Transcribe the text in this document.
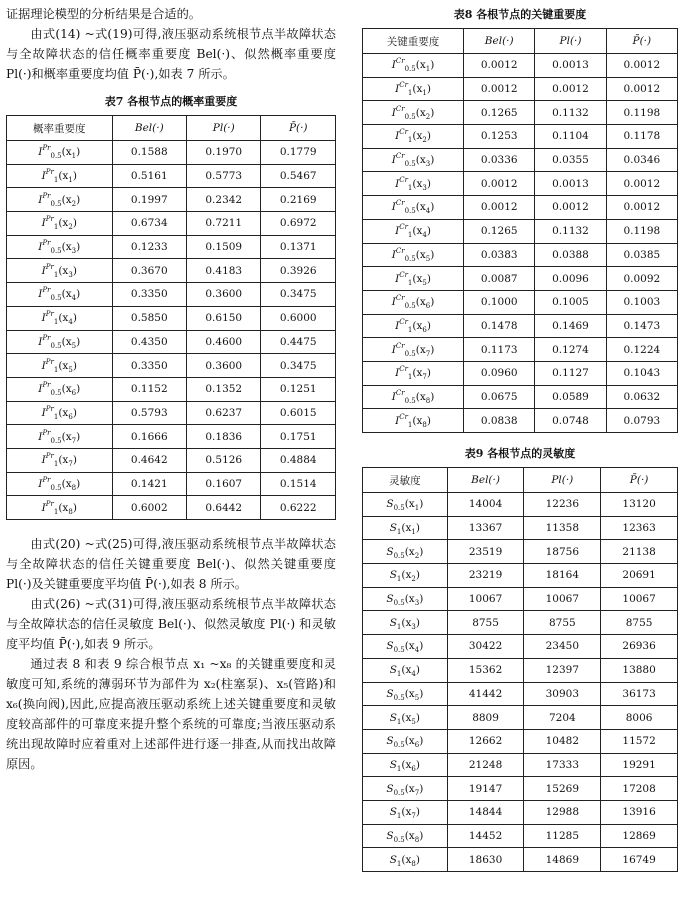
证据理论模型的分析结果是合适的。

由式(14) ~式(19)可得,液压驱动系统根节点半故障状态与全故障状态的信任概率重要度 Bel(·)、似然概率重要度 Pl(·)和概率重要度均值 P̄(·),如表 7 所示。

表7 各根节点的概率重要度

概率重要度	Bel(·)	Pl(·)	P̄(·)
$I^{Pr}_{0.5}(x_1)$	0.1588	0.1970	0.1779
$I^{Pr}_1(x_1)$	0.5161	0.5773	0.5467
$I^{Pr}_{0.5}(x_2)$	0.1997	0.2342	0.2169
$I^{Pr}_1(x_2)$	0.6734	0.7211	0.6972
$I^{Pr}_{0.5}(x_3)$	0.1233	0.1509	0.1371
$I^{Pr}_1(x_3)$	0.3670	0.4183	0.3926
$I^{Pr}_{0.5}(x_4)$	0.3350	0.3600	0.3475
$I^{Pr}_1(x_4)$	0.5850	0.6150	0.6000
$I^{Pr}_{0.5}(x_5)$	0.4350	0.4600	0.4475
$I^{Pr}_1(x_5)$	0.3350	0.3600	0.3475
$I^{Pr}_{0.5}(x_6)$	0.1152	0.1352	0.1251
$I^{Pr}_1(x_6)$	0.5793	0.6237	0.6015
$I^{Pr}_{0.5}(x_7)$	0.1666	0.1836	0.1751
$I^{Pr}_1(x_7)$	0.4642	0.5126	0.4884
$I^{Pr}_{0.5}(x_8)$	0.1421	0.1607	0.1514
$I^{Pr}_1(x_8)$	0.6002	0.6442	0.6222

由式(20) ~式(25)可得,液压驱动系统根节点半故障状态与全故障状态的信任关键重要度 Bel(·)、似然关键重要度 Pl(·)及关键重要度平均值 P̄(·),如表 8 所示。

由式(26) ~式(31)可得,液压驱动系统根节点半故障状态与全故障状态的信任灵敏度 Bel(·)、似然灵敏度 Pl(·) 和灵敏度平均值 P̄(·),如表 9 所示。

通过表 8 和表 9 综合根节点 x₁ ~x₈ 的关键重要度和灵敏度可知,系统的薄弱环节为部件为 x₂(柱塞泵)、x₅(管路)和 x₆(换向阀),因此,应提高液压驱动系统上述关键重要度和灵敏度较高部件的可靠度来提升整个系统的可靠度;当液压驱动系统出现故障时应着重对上述部件进行逐一排查,从而找出故障原因。

表8 各根节点的关键重要度

关键重要度	Bel(·)	Pl(·)	P̄(·)
$I^{Cr}_{0.5}(x_1)$	0.0012	0.0013	0.0012
$I^{Cr}_1(x_1)$	0.0012	0.0012	0.0012
$I^{Cr}_{0.5}(x_2)$	0.1265	0.1132	0.1198
$I^{Cr}_1(x_2)$	0.1253	0.1104	0.1178
$I^{Cr}_{0.5}(x_3)$	0.0336	0.0355	0.0346
$I^{Cr}_1(x_3)$	0.0012	0.0013	0.0012
$I^{Cr}_{0.5}(x_4)$	0.0012	0.0012	0.0012
$I^{Cr}_1(x_4)$	0.1265	0.1132	0.1198
$I^{Cr}_{0.5}(x_5)$	0.0383	0.0388	0.0385
$I^{Cr}_1(x_5)$	0.0087	0.0096	0.0092
$I^{Cr}_{0.5}(x_6)$	0.1000	0.1005	0.1003
$I^{Cr}_1(x_6)$	0.1478	0.1469	0.1473
$I^{Cr}_{0.5}(x_7)$	0.1173	0.1274	0.1224
$I^{Cr}_1(x_7)$	0.0960	0.1127	0.1043
$I^{Cr}_{0.5}(x_8)$	0.0675	0.0589	0.0632
$I^{Cr}_1(x_8)$	0.0838	0.0748	0.0793

表9 各根节点的灵敏度

灵敏度	Bel(·)	Pl(·)	P̄(·)
$S_{0.5}(x_1)$	14004	12236	13120
$S_1(x_1)$	13367	11358	12363
$S_{0.5}(x_2)$	23519	18756	21138
$S_1(x_2)$	23219	18164	20691
$S_{0.5}(x_3)$	10067	10067	10067
$S_1(x_3)$	8755	8755	8755
$S_{0.5}(x_4)$	30422	23450	26936
$S_1(x_4)$	15362	12397	13880
$S_{0.5}(x_5)$	41442	30903	36173
$S_1(x_5)$	8809	7204	8006
$S_{0.5}(x_6)$	12662	10482	11572
$S_1(x_6)$	21248	17333	19291
$S_{0.5}(x_7)$	19147	15269	17208
$S_1(x_7)$	14844	12988	13916
$S_{0.5}(x_8)$	14452	11285	12869
$S_1(x_8)$	18630	14869	16749
